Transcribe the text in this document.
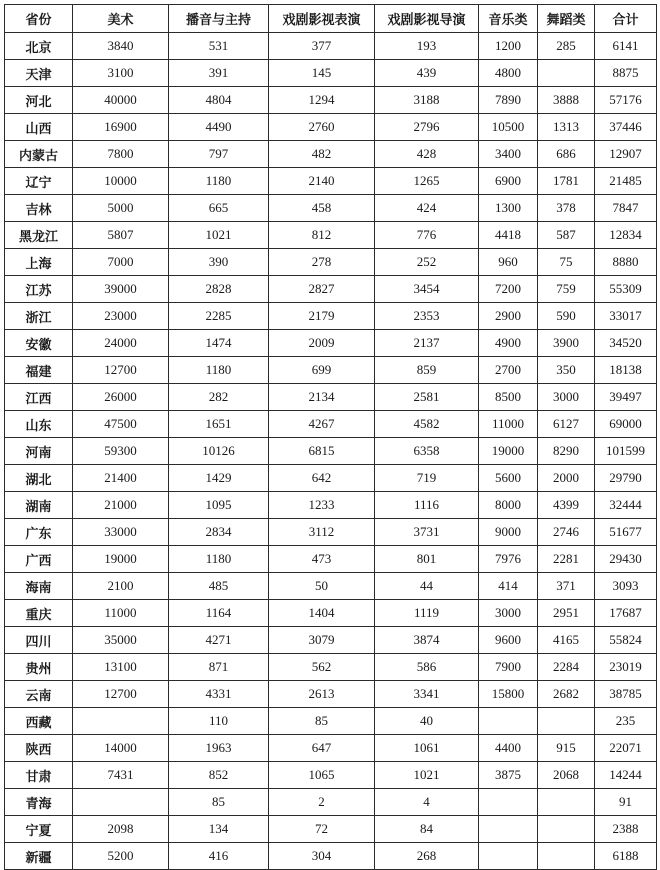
省份	美术	播音与主持	戏剧影视表演	戏剧影视导演	音乐类	舞蹈类	合计
北京	3840	531	377	193	1200	285	6141
天津	3100	391	145	439	4800		8875
河北	40000	4804	1294	3188	7890	3888	57176
山西	16900	4490	2760	2796	10500	1313	37446
内蒙古	7800	797	482	428	3400	686	12907
辽宁	10000	1180	2140	1265	6900	1781	21485
吉林	5000	665	458	424	1300	378	7847
黑龙江	5807	1021	812	776	4418	587	12834
上海	7000	390	278	252	960	75	8880
江苏	39000	2828	2827	3454	7200	759	55309
浙江	23000	2285	2179	2353	2900	590	33017
安徽	24000	1474	2009	2137	4900	3900	34520
福建	12700	1180	699	859	2700	350	18138
江西	26000	282	2134	2581	8500	3000	39497
山东	47500	1651	4267	4582	11000	6127	69000
河南	59300	10126	6815	6358	19000	8290	101599
湖北	21400	1429	642	719	5600	2000	29790
湖南	21000	1095	1233	1116	8000	4399	32444
广东	33000	2834	3112	3731	9000	2746	51677
广西	19000	1180	473	801	7976	2281	29430
海南	2100	485	50	44	414	371	3093
重庆	11000	1164	1404	1119	3000	2951	17687
四川	35000	4271	3079	3874	9600	4165	55824
贵州	13100	871	562	586	7900	2284	23019
云南	12700	4331	2613	3341	15800	2682	38785
西藏		110	85	40			235
陕西	14000	1963	647	1061	4400	915	22071
甘肃	7431	852	1065	1021	3875	2068	14244
青海		85	2	4			91
宁夏	2098	134	72	84			2388
新疆	5200	416	304	268			6188
